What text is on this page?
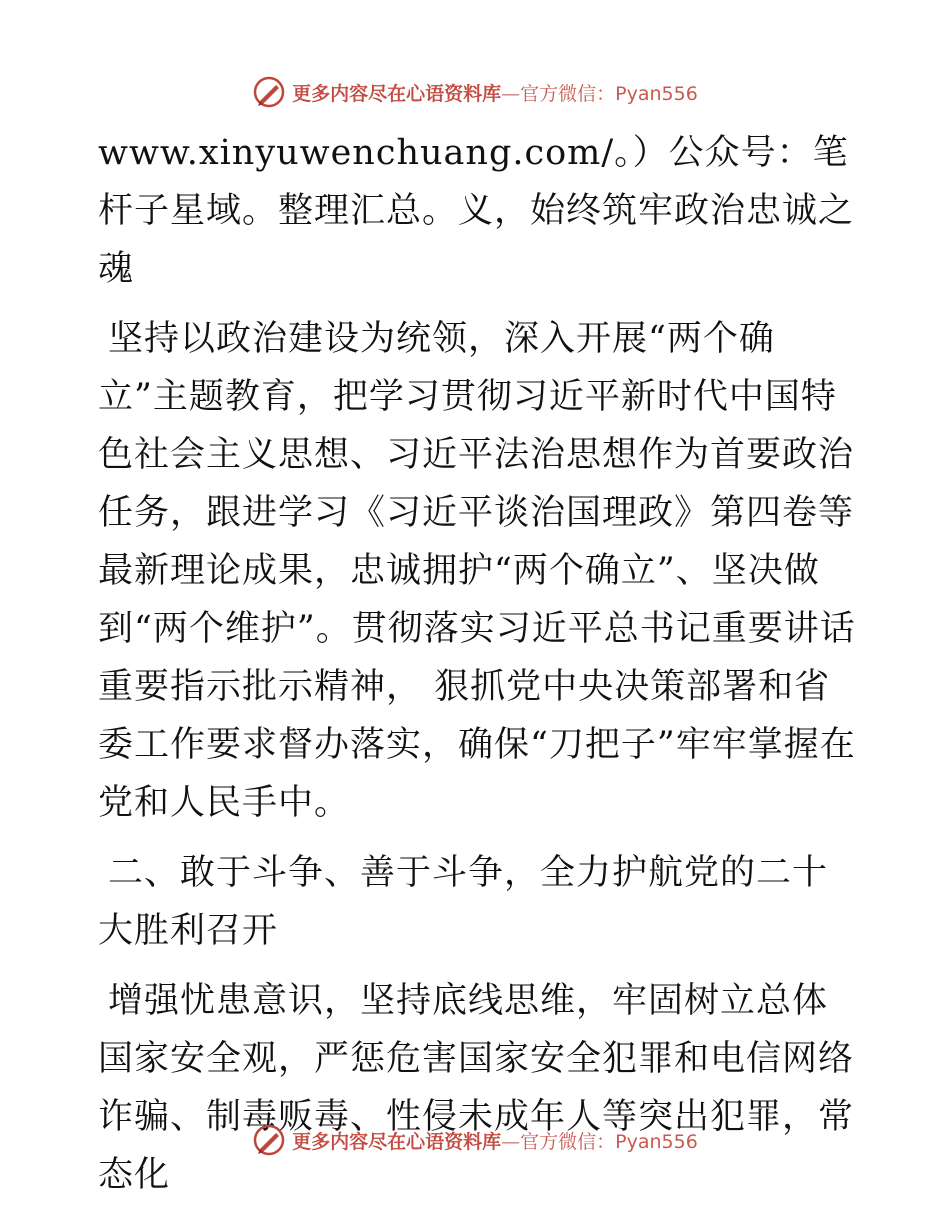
更多内容尽在心语资料库—官方微信：Pyan556

www.xinyuwenchuang.com/。）公众号：笔杆子星域。整理汇总。义，始终筑牢政治忠诚之魂

坚持以政治建设为统领，深入开展“两个确立”主题教育，把学习贯彻习近平新时代中国特色社会主义思想、习近平法治思想作为首要政治任务，跟进学习《习近平谈治国理政》第四卷等最新理论成果，忠诚拥护“两个确立”、坚决做到“两个维护”。贯彻落实习近平总书记重要讲话重要指示批示精神， 狠抓党中央决策部署和省委工作要求督办落实，确保“刀把子”牢牢掌握在党和人民手中。

二、敢于斗争、善于斗争，全力护航党的二十大胜利召开

增强忧患意识，坚持底线思维，牢固树立总体国家安全观，严惩危害国家安全犯罪和电信网络诈骗、制毒贩毒、性侵未成年人等突出犯罪，常态化

更多内容尽在心语资料库—官方微信：Pyan556
